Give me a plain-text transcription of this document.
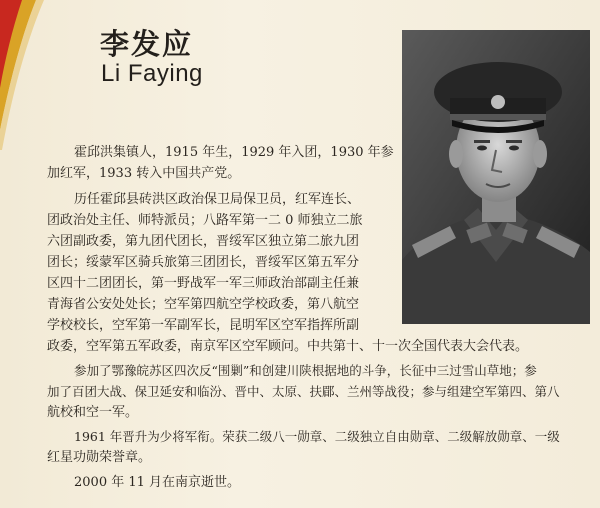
李发应
Li Faying
霍邱洪集镇人，1915 年生，1929 年入团，1930 年参
加红军，1933 转入中国共产党。
历任霍邱县砖洪区政治保卫局保卫员，红军连长、
团政治处主任、师特派员；八路军第一二 0 师独立二旅
六团副政委，第九团代团长，晋绥军区独立第二旅九团
团长；绥蒙军区骑兵旅第三团团长，晋绥军区第五军分
区四十二团团长，第一野战军一军三师政治部副主任兼
青海省公安处处长；空军第四航空学校政委，第八航空
学校校长，空军第一军副军长，昆明军区空军指挥所副
政委，空军第五军政委，南京军区空军顾问。中共第十、十一次全国代表大会代表。
参加了鄂豫皖苏区四次反“围剿”和创建川陕根据地的斗争，长征中三过雪山草地；参
加了百团大战、保卫延安和临汾、晋中、太原、扶郿、兰州等战役；参与组建空军第四、第八
航校和空一军。
1961 年晋升为少将军衔。荣获二级八一勋章、二级独立自由勋章、二级解放勋章、一级
红星功勋荣誉章。
2000 年 11 月在南京逝世。
